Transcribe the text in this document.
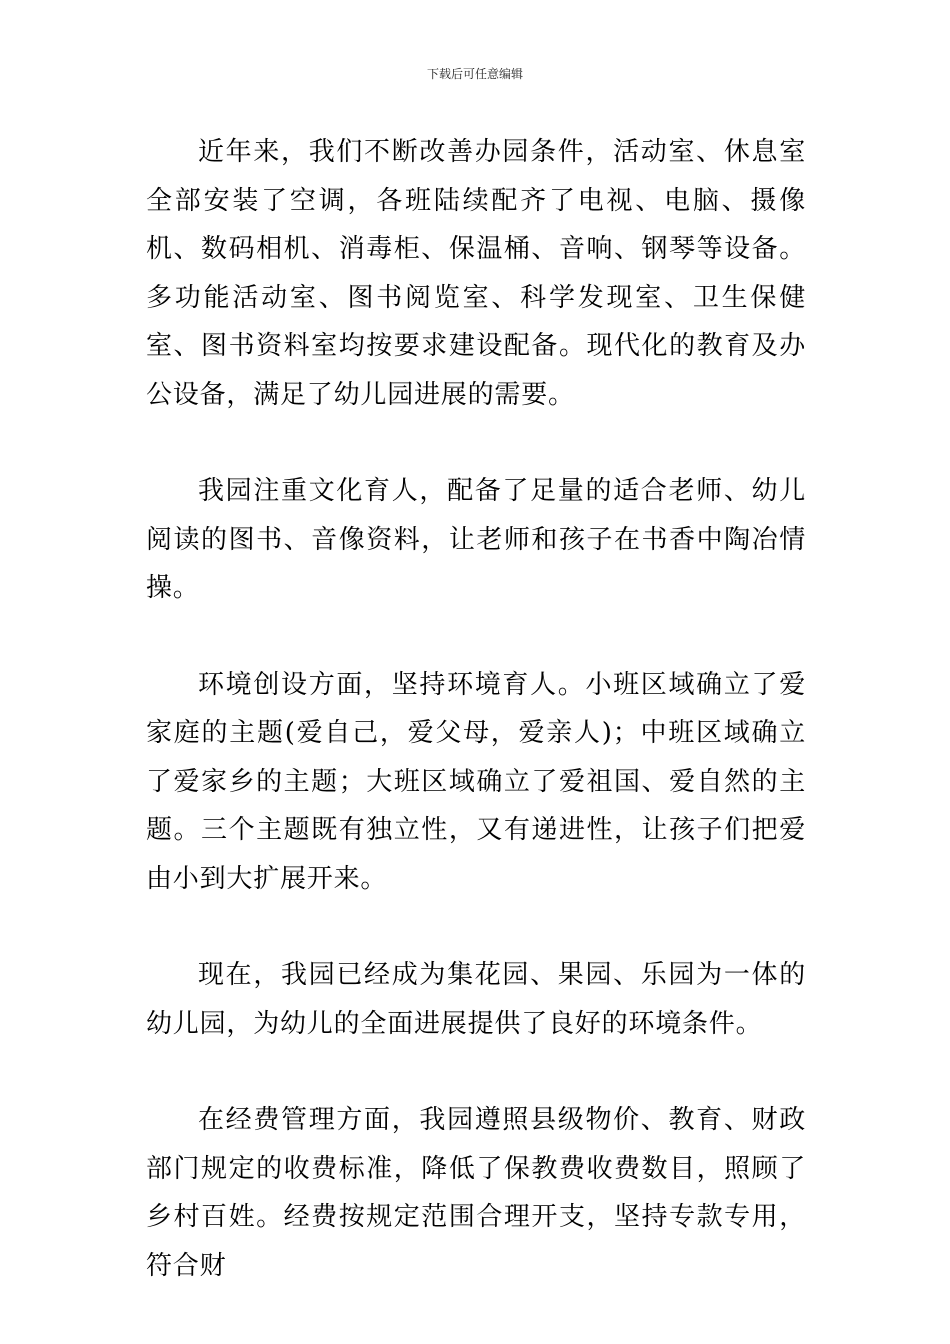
下载后可任意编辑

近年来，我们不断改善办园条件，活动室、休息室全部安装了空调，各班陆续配齐了电视、电脑、摄像机、数码相机、消毒柜、保温桶、音响、钢琴等设备。多功能活动室、图书阅览室、科学发现室、卫生保健室、图书资料室均按要求建设配备。现代化的教育及办公设备，满足了幼儿园进展的需要。

我园注重文化育人，配备了足量的适合老师、幼儿阅读的图书、音像资料，让老师和孩子在书香中陶冶情操。

环境创设方面，坚持环境育人。小班区域确立了爱家庭的主题(爱自己，爱父母，爱亲人)；中班区域确立了爱家乡的主题；大班区域确立了爱祖国、爱自然的主题。三个主题既有独立性，又有递进性，让孩子们把爱由小到大扩展开来。

现在，我园已经成为集花园、果园、乐园为一体的幼儿园，为幼儿的全面进展提供了良好的环境条件。

在经费管理方面，我园遵照县级物价、教育、财政部门规定的收费标准，降低了保教费收费数目，照顾了乡村百姓。经费按规定范围合理开支，坚持专款专用，符合财
